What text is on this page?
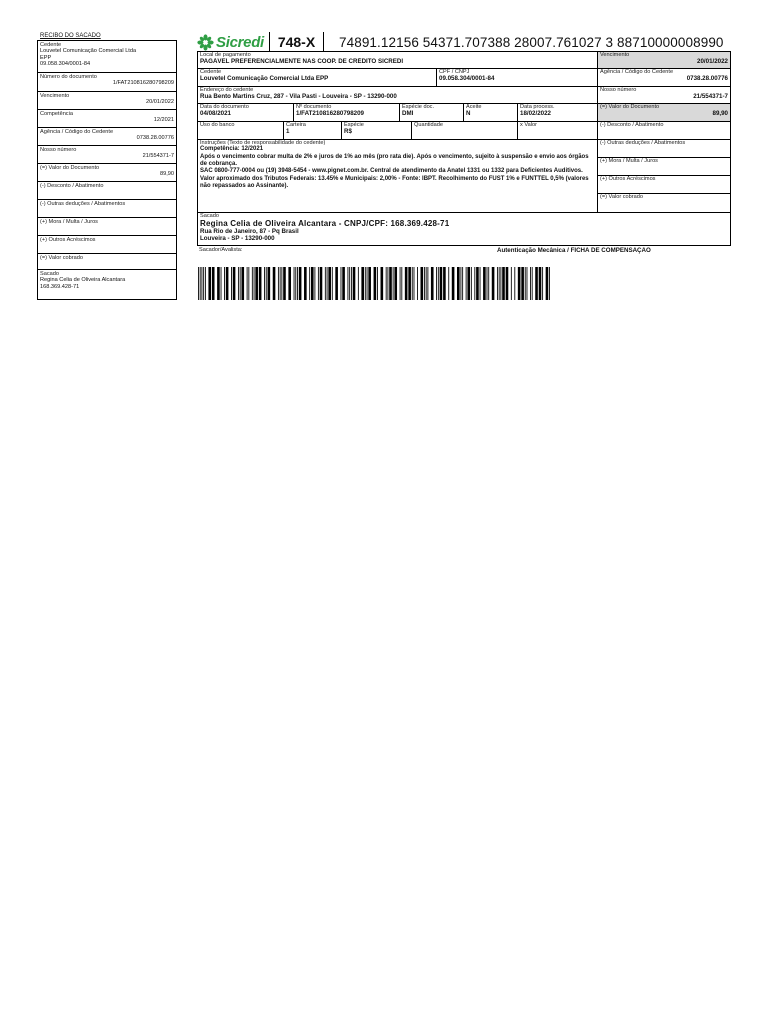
RECIBO DO SACADO
Cedente
Louvetel Comunicação Comercial Ltda
EPP
09.058.304/0001-84
Número do documento
1/FAT210816280798209
Vencimento
20/01/2022
Competência
12/2021
Agência / Código do Cedente
0738.28.00776
Nosso número
21/554371-7
(=) Valor do Documento
89,90
(-) Desconto / Abatimento
(-) Outras deduções / Abatimentos
(+) Mora / Multa / Juros
(+) Outros Acréscimos
(=) Valor cobrado
Sacado
Regina Celia de Oliveira Alcantara
168.369.428-71
Sicredi 748-X	74891.12156 54371.707388 28007.761027 3 88710000008990
Local de pagamento
PAGÁVEL PREFERENCIALMENTE NAS COOP. DE CRÉDITO SICREDI
Vencimento
20/01/2022
Cedente
Louvetel Comunicação Comercial Ltda EPP
CPF / CNPJ
09.058.304/0001-84
Agência / Código do Cedente
0738.28.00776
Endereço do cedente
Rua Bento Martins Cruz, 287 - Vila Pasti - Louveira - SP - 13290-000
Nosso número
21/554371-7
Data do documento
04/08/2021
Nº documento
1/FAT210816280798209
Espécie doc.
DMI
Aceite
N
Data process.
18/02/2022
(=) Valor do Documento
89,90
Uso do banco	Carteira
1
Espécie
R$
Quantidade	x Valor	(-) Desconto / Abatimento
Instruções (Texto de responsabilidade do cedente)
Competência: 12/2021
Após o vencimento cobrar multa de 2% e juros de 1% ao mês (pro rata die). Após o vencimento, sujeito à suspensão e envio aos órgãos de cobrança.
SAC 0800-777-0004 ou (19) 3948-5454 - www.pignet.com.br. Central de atendimento da Anatel 1331 ou 1332 para Deficientes Auditivos.
Valor aproximado dos Tributos Federais: 13.45% e Municipais: 2,00% - Fonte: IBPT. Recolhimento do FUST 1% e FUNTTEL 0,5% (valores não repassados ao Assinante).
(-) Outras deduções / Abatimentos
(+) Mora / Multa / Juros
(+) Outros Acréscimos
(=) Valor cobrado
Sacado
Regina Celia de Oliveira Alcantara - CNPJ/CPF: 168.369.428-71
Rua Rio de Janeiro, 87 - Pq Brasil
Louveira - SP - 13290-000
Sacador/Avalista:	Autenticação Mecânica / FICHA DE COMPENSAÇÃO
